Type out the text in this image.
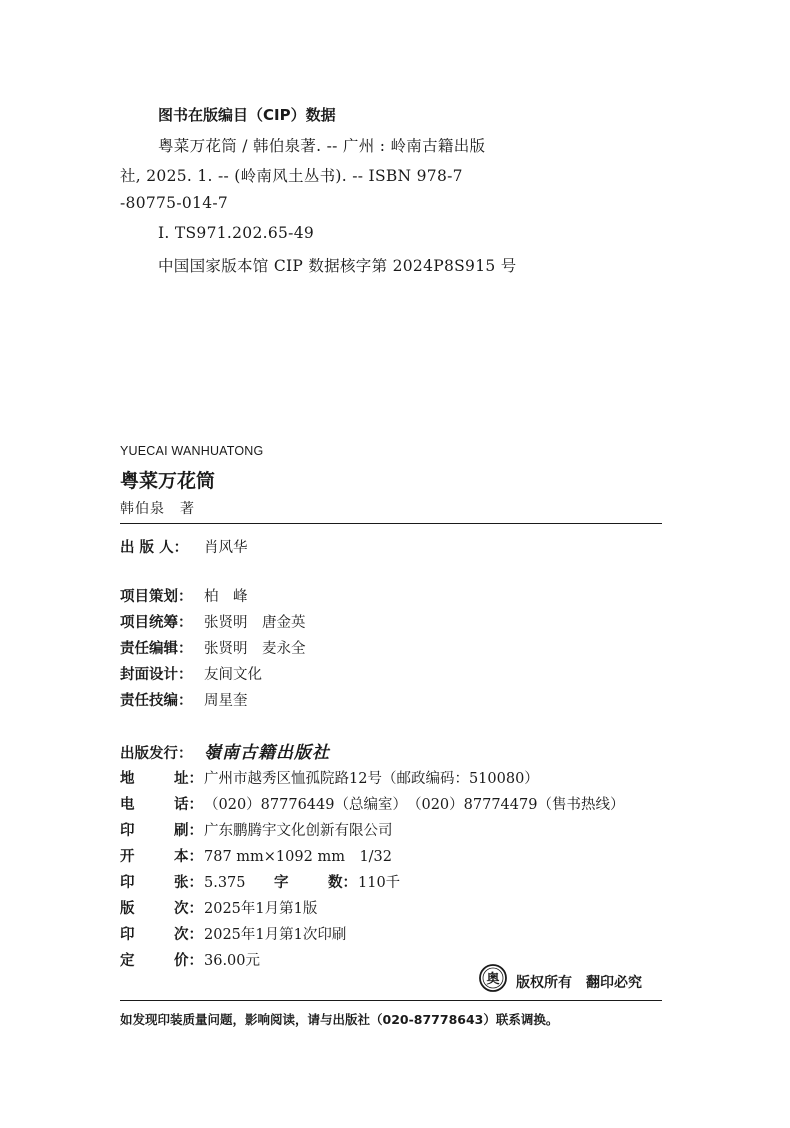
图书在版编目（CIP）数据
粤菜万花筒 / 韩伯泉著. -- 广州 : 岭南古籍出版
社, 2025. 1. -- (岭南风土丛书). -- ISBN 978-7
-80775-014-7
Ⅰ. TS971.202.65-49
中国国家版本馆 CIP 数据核字第 2024P8S915 号
YUECAI WANHUATONG
粤菜万花筒
韩伯泉　著
出 版 人： 肖风华
项目策划： 柏　峰
项目统筹： 张贤明　唐金英
责任编辑： 张贤明　麦永全
封面设计： 友间文化
责任技编： 周星奎
出版发行： 嶺南古籍出版社
地	址：广州市越秀区恤孤院路12号（邮政编码：510080）
电	话：（020）87776449（总编室）　（020）87774479（售书热线）
印	刷：广东鹏腾宇文化创新有限公司
开	本：787 mm×1092 mm　1/32
印	张：5.375 字	数：110千
版	次：2025年1月第1版
印	次：2025年1月第1次印刷
定	价：36.00元
奥 版权所有　翻印必究
如发现印装质量问题，影响阅读，请与出版社（020-87778643）联系调换。
